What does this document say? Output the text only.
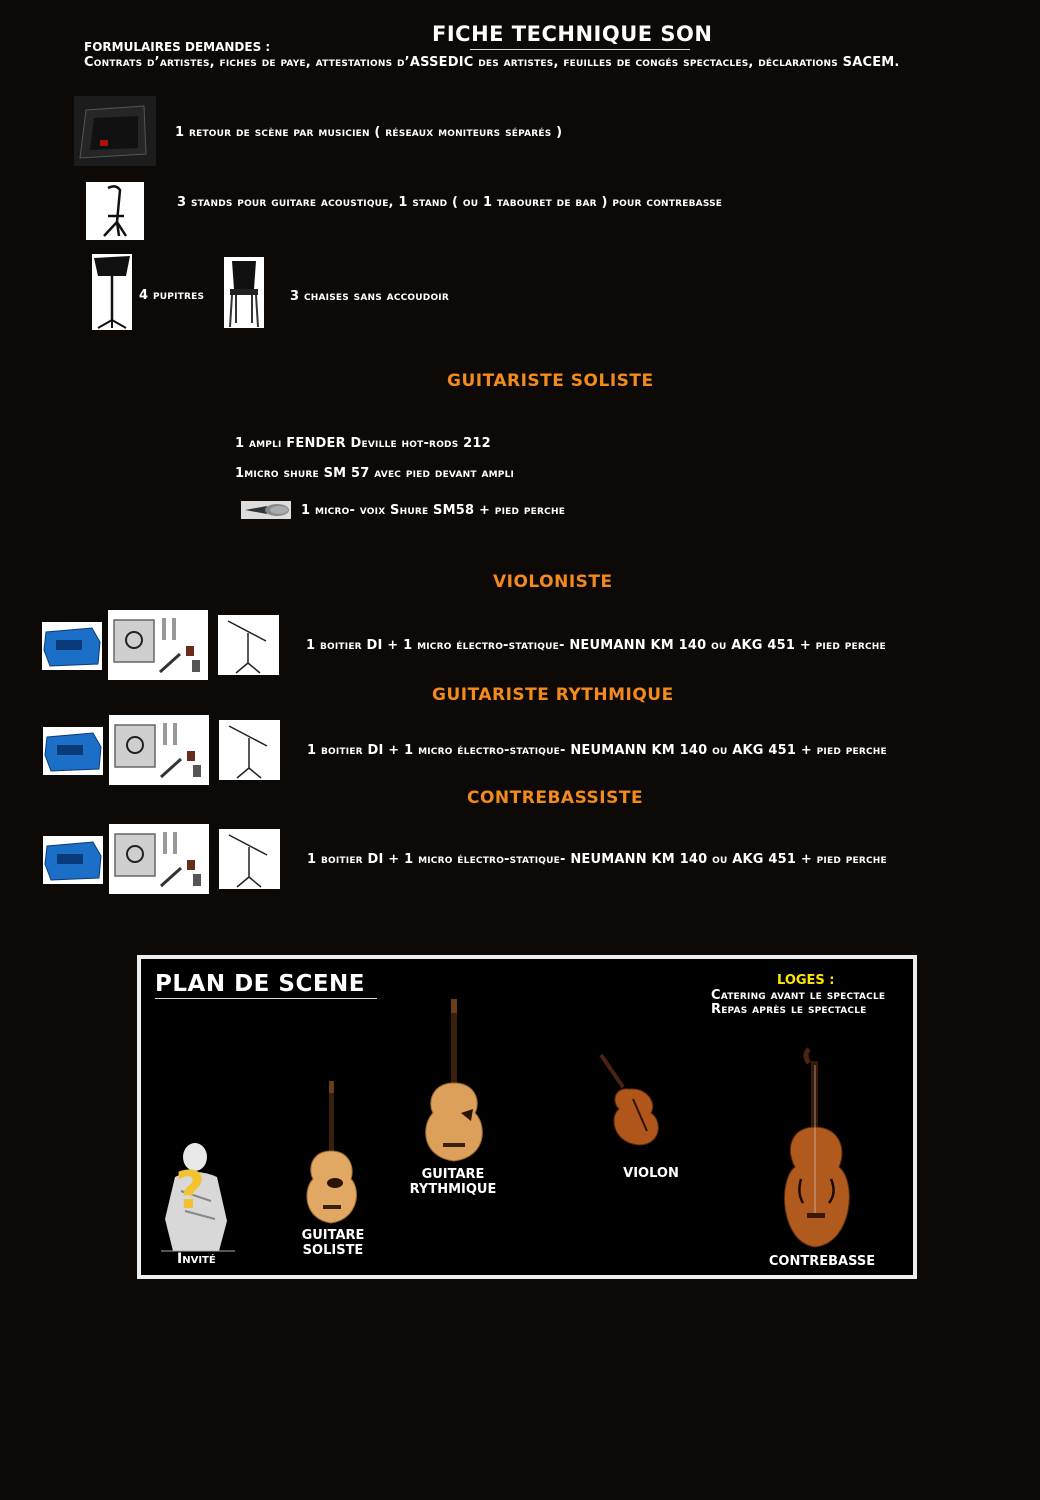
FICHE TECHNIQUE SON
FORMULAIRES DEMANDES :
Contrats d’artistes, fiches de paye, attestations d’ASSEDIC des artistes, feuilles de congés spectacles, déclarations SACEM.
1 retour de scène par musicien ( réseaux moniteurs séparés )
3 stands pour guitare acoustique, 1 stand ( ou 1 tabouret de bar ) pour contrebasse
4 pupitres	3 chaises sans accoudoir
GUITARISTE SOLISTE
1 ampli FENDER Deville hot-rods 212
1micro shure SM 57 avec pied devant ampli
1 micro- voix Shure SM58 + pied perche
VIOLONISTE
1 boitier DI + 1 micro électro-statique- NEUMANN KM 140 ou AKG 451 + pied perche
GUITARISTE RYTHMIQUE
1 boitier DI + 1 micro électro-statique- NEUMANN KM 140 ou AKG 451 + pied perche
CONTREBASSISTE
1 boitier DI + 1 micro électro-statique- NEUMANN KM 140 ou AKG 451 + pied perche
PLAN DE SCENE	LOGES :
Catering avant le spectacle
Repas après le spectacle
?
Invité
GUITARE
SOLISTE
GUITARE
RYTHMIQUE
VIOLON
CONTREBASSE
